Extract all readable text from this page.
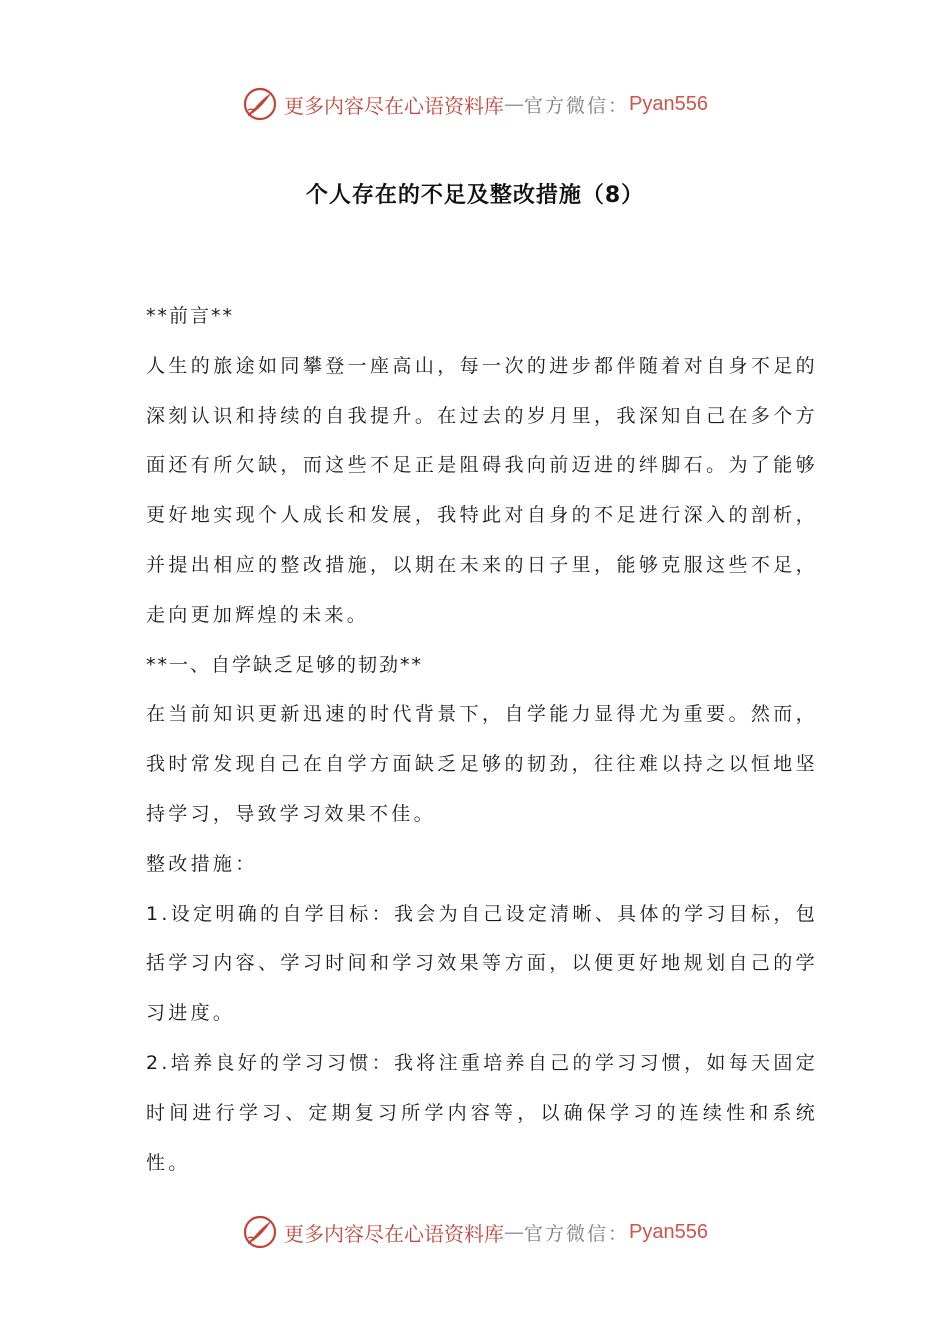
更多内容尽在心语资料库 — 官方微信： Pyan556
个人存在的不足及整改措施（8）

**前言**

人生的旅途如同攀登一座高山，每一次的进步都伴随着对自身不足的深刻认识和持续的自我提升。在过去的岁月里，我深知自己在多个方面还有所欠缺，而这些不足正是阻碍我向前迈进的绊脚石。为了能够更好地实现个人成长和发展，我特此对自身的不足进行深入的剖析，并提出相应的整改措施，以期在未来的日子里，能够克服这些不足，走向更加辉煌的未来。

**一、自学缺乏足够的韧劲**

在当前知识更新迅速的时代背景下，自学能力显得尤为重要。然而，我时常发现自己在自学方面缺乏足够的韧劲，往往难以持之以恒地坚持学习，导致学习效果不佳。

整改措施：

1.设定明确的自学目标：我会为自己设定清晰、具体的学习目标，包括学习内容、学习时间和学习效果等方面，以便更好地规划自己的学习进度。

2.培养良好的学习习惯：我将注重培养自己的学习习惯，如每天固定时间进行学习、定期复习所学内容等，以确保学习的连续性和系统性。

更多内容尽在心语资料库 — 官方微信： Pyan556
